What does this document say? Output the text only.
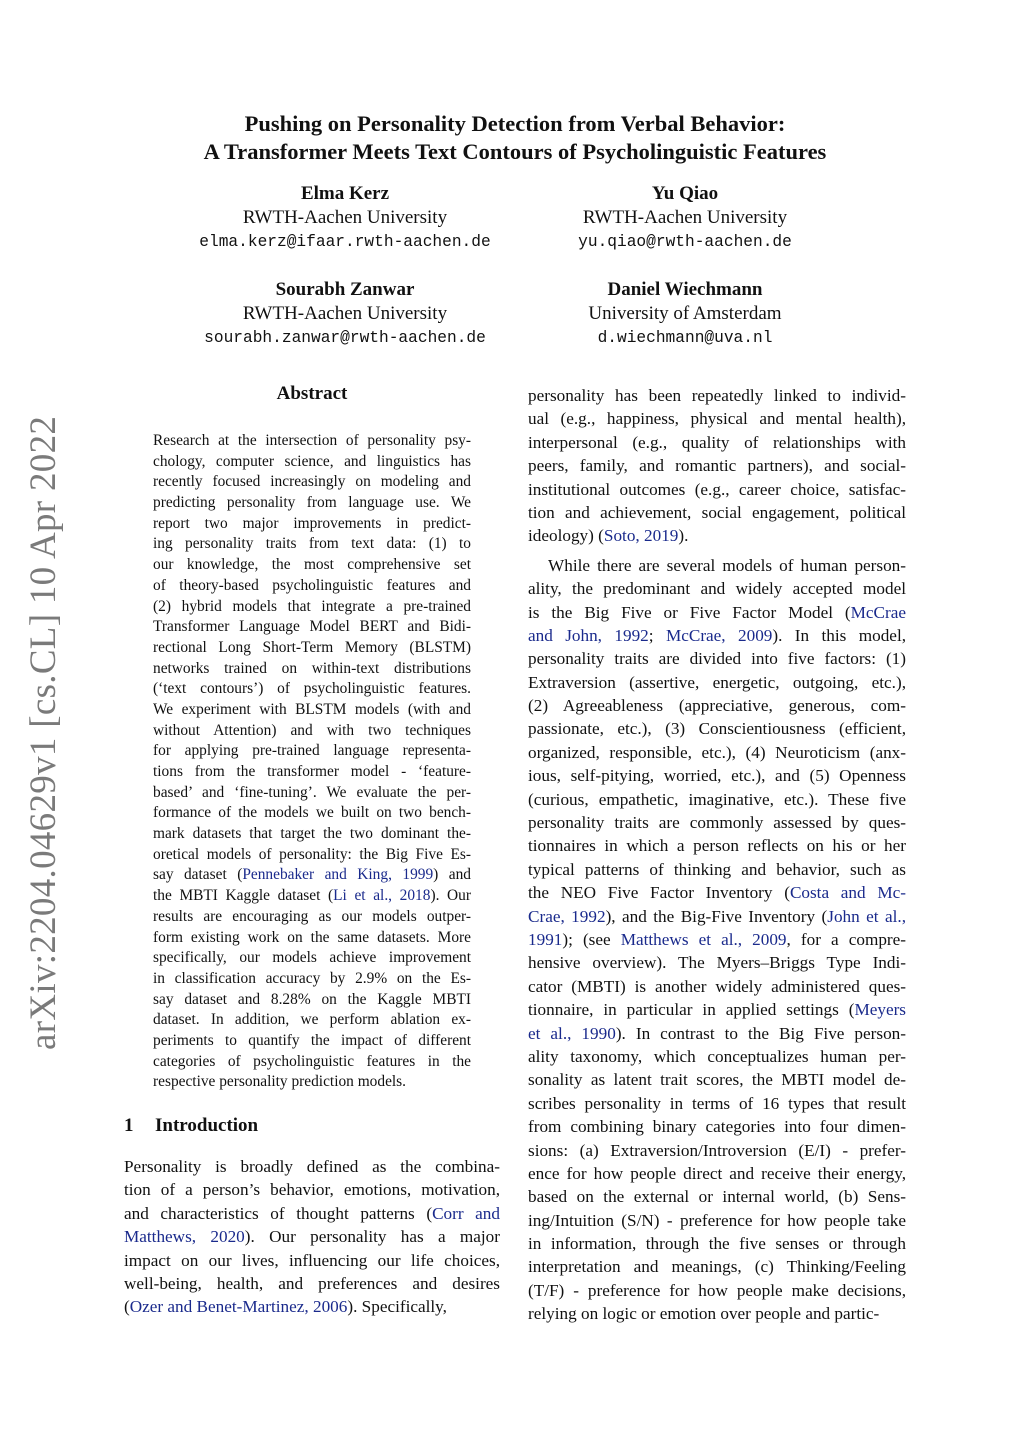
arXiv:2204.04629v1 [cs.CL] 10 Apr 2022
Pushing on Personality Detection from Verbal Behavior:
A Transformer Meets Text Contours of Psycholinguistic Features
Elma Kerz
RWTH-Aachen University
elma.kerz@ifaar.rwth-aachen.de
Yu Qiao
RWTH-Aachen University
yu.qiao@rwth-aachen.de
Sourabh Zanwar
RWTH-Aachen University
sourabh.zanwar@rwth-aachen.de
Daniel Wiechmann
University of Amsterdam
d.wiechmann@uva.nl
Abstract
Research at the intersection of personality psy-
chology, computer science, and linguistics has
recently focused increasingly on modeling and
predicting personality from language use. We
report two major improvements in predict-
ing personality traits from text data: (1) to
our knowledge, the most comprehensive set
of theory-based psycholinguistic features and
(2) hybrid models that integrate a pre-trained
Transformer Language Model BERT and Bidi-
rectional Long Short-Term Memory (BLSTM)
networks trained on within-text distributions
(‘text contours’) of psycholinguistic features.
We experiment with BLSTM models (with and
without Attention) and with two techniques
for applying pre-trained language representa-
tions from the transformer model - ‘feature-
based’ and ‘fine-tuning’. We evaluate the per-
formance of the models we built on two bench-
mark datasets that target the two dominant the-
oretical models of personality: the Big Five Es-
say dataset (Pennebaker and King, 1999) and
the MBTI Kaggle dataset (Li et al., 2018). Our
results are encouraging as our models outper-
form existing work on the same datasets. More
specifically, our models achieve improvement
in classification accuracy by 2.9% on the Es-
say dataset and 8.28% on the Kaggle MBTI
dataset. In addition, we perform ablation ex-
periments to quantify the impact of different
categories of psycholinguistic features in the
respective personality prediction models.
1 Introduction
Personality is broadly defined as the combina-
tion of a person’s behavior, emotions, motivation,
and characteristics of thought patterns (Corr and
Matthews, 2020). Our personality has a major
impact on our lives, influencing our life choices,
well-being, health, and preferences and desires
(Ozer and Benet-Martinez, 2006). Specifically,
personality has been repeatedly linked to individ-
ual (e.g., happiness, physical and mental health),
interpersonal (e.g., quality of relationships with
peers, family, and romantic partners), and social-
institutional outcomes (e.g., career choice, satisfac-
tion and achievement, social engagement, political
ideology) (Soto, 2019).
While there are several models of human person-
ality, the predominant and widely accepted model
is the Big Five or Five Factor Model (McCrae
and John, 1992; McCrae, 2009). In this model,
personality traits are divided into five factors: (1)
Extraversion (assertive, energetic, outgoing, etc.),
(2) Agreeableness (appreciative, generous, com-
passionate, etc.), (3) Conscientiousness (efficient,
organized, responsible, etc.), (4) Neuroticism (anx-
ious, self-pitying, worried, etc.), and (5) Openness
(curious, empathetic, imaginative, etc.). These five
personality traits are commonly assessed by ques-
tionnaires in which a person reflects on his or her
typical patterns of thinking and behavior, such as
the NEO Five Factor Inventory (Costa and Mc-
Crae, 1992), and the Big-Five Inventory (John et al.,
1991); (see Matthews et al., 2009, for a compre-
hensive overview). The Myers–Briggs Type Indi-
cator (MBTI) is another widely administered ques-
tionnaire, in particular in applied settings (Meyers
et al., 1990). In contrast to the Big Five person-
ality taxonomy, which conceptualizes human per-
sonality as latent trait scores, the MBTI model de-
scribes personality in terms of 16 types that result
from combining binary categories into four dimen-
sions: (a) Extraversion/Introversion (E/I) - prefer-
ence for how people direct and receive their energy,
based on the external or internal world, (b) Sens-
ing/Intuition (S/N) - preference for how people take
in information, through the five senses or through
interpretation and meanings, (c) Thinking/Feeling
(T/F) - preference for how people make decisions,
relying on logic or emotion over people and partic-
